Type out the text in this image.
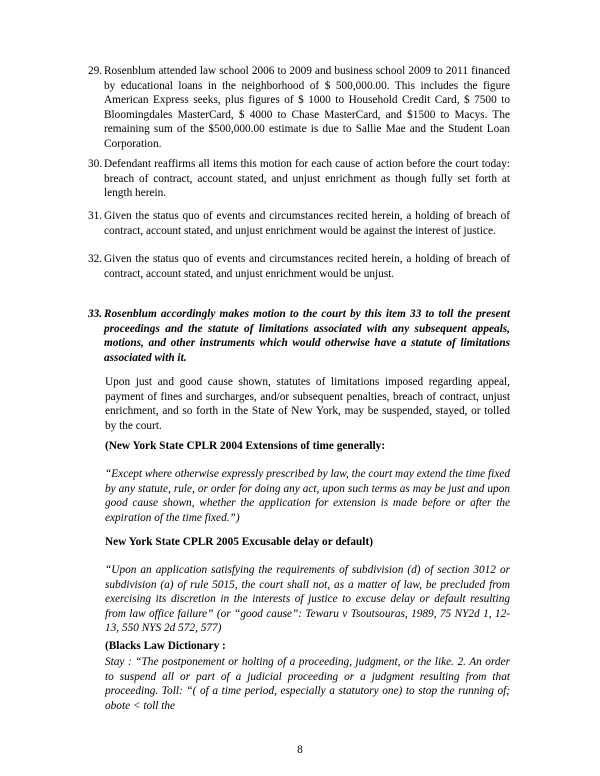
29. Rosenblum attended law school 2006 to 2009 and business school 2009 to 2011 financed by educational loans in the neighborhood of $ 500,000.00. This includes the figure American Express seeks, plus figures of $ 1000 to Household Credit Card, $ 7500 to Bloomingdales MasterCard, $ 4000 to Chase MasterCard, and $1500 to Macys. The remaining sum of the $500,000.00 estimate is due to Sallie Mae and the Student Loan Corporation.
30. Defendant reaffirms all items this motion for each cause of action before the court today: breach of contract, account stated, and unjust enrichment as though fully set forth at length herein.
31. Given the status quo of events and circumstances recited herein, a holding of breach of contract, account stated, and unjust enrichment would be against the interest of justice.
32. Given the status quo of events and circumstances recited herein, a holding of breach of contract, account stated, and unjust enrichment would be unjust.
33. Rosenblum accordingly makes motion to the court by this item 33 to toll the present proceedings and the statute of limitations associated with any subsequent appeals, motions, and other instruments which would otherwise have a statute of limitations associated with it.

Upon just and good cause shown, statutes of limitations imposed regarding appeal, payment of fines and surcharges, and/or subsequent penalties, breach of contract, unjust enrichment, and so forth in the State of New York, may be suspended, stayed, or tolled by the court.

(New York State CPLR 2004 Extensions of time generally:

“Except where otherwise expressly prescribed by law, the court may extend the time fixed by any statute, rule, or order for doing any act, upon such terms as may be just and upon good cause shown, whether the application for extension is made before or after the expiration of the time fixed.”)

New York State CPLR 2005 Excusable delay or default)

“Upon an application satisfying the requirements of subdivision (d) of section 3012 or subdivision (a) of rule 5015, the court shall not, as a matter of law, be precluded from exercising its discretion in the interests of justice to excuse delay or default resulting from law office failure” (or “good cause”: Tewaru v Tsoutsouras, 1989, 75 NY2d 1, 12-13, 550 NYS 2d 572, 577)

(Blacks Law Dictionary :

Stay : “The postponement or holting of a proceeding, judgment, or the like. 2. An order to suspend all or part of a judicial proceeding or a judgment resulting from that proceeding. Toll: “( of a time period, especially a statutory one) to stop the running of; obote < toll the

8
